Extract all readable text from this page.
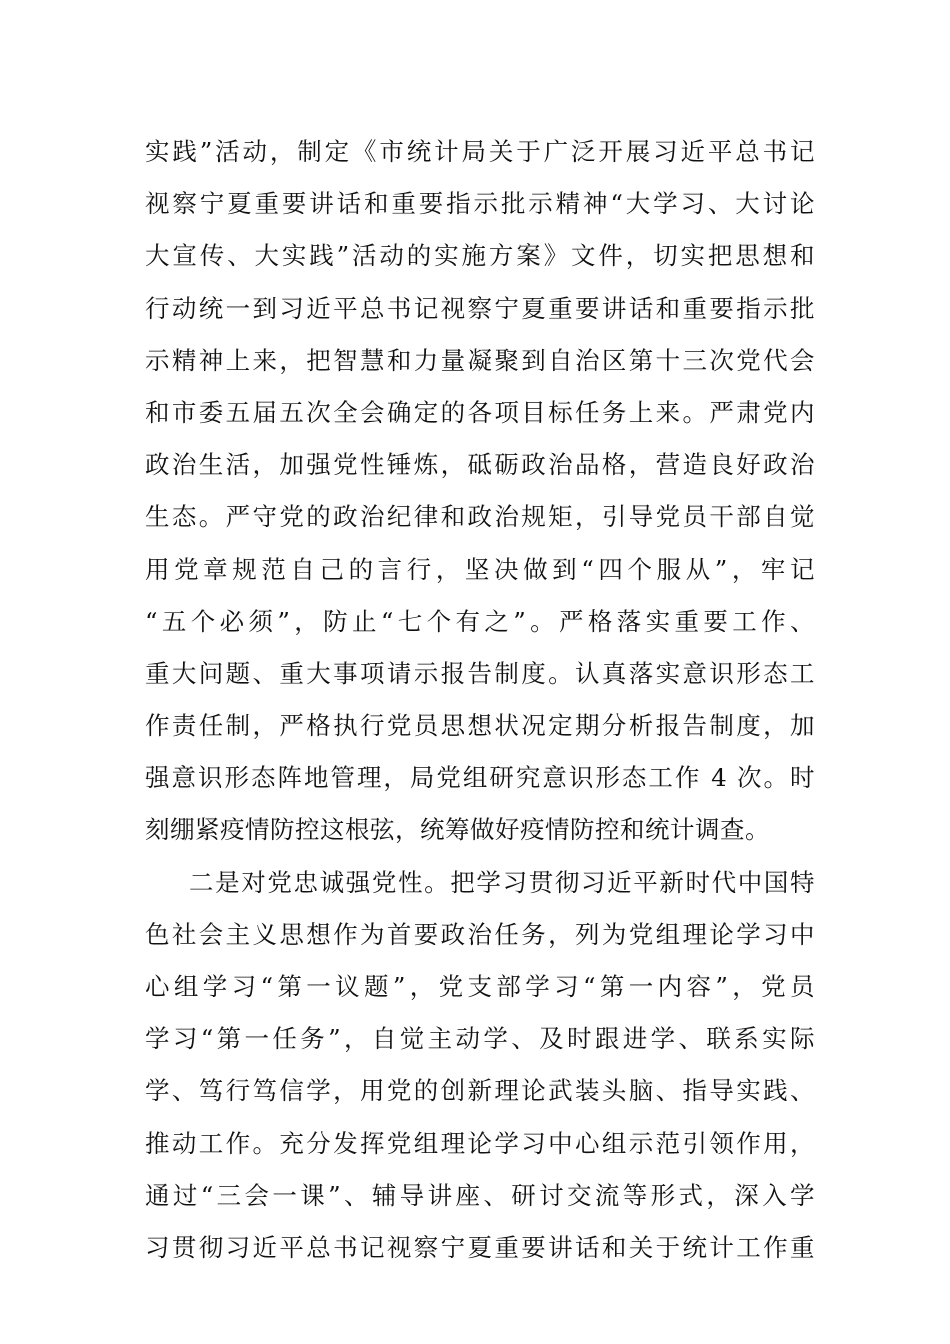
实践”活动，制定《市统计局关于广泛开展习近平总书记
视察宁夏重要讲话和重要指示批示精神“大学习、大讨论
大宣传、大实践”活动的实施方案》文件，切实把思想和
行动统一到习近平总书记视察宁夏重要讲话和重要指示批
示精神上来，把智慧和力量凝聚到自治区第十三次党代会
和市委五届五次全会确定的各项目标任务上来。严肃党内
政治生活，加强党性锤炼，砥砺政治品格，营造良好政治
生态。严守党的政治纪律和政治规矩，引导党员干部自觉
用党章规范自己的言行，坚决做到“四个服从”，牢记
“五个必须”，防止“七个有之”。严格落实重要工作、
重大问题、重大事项请示报告制度。认真落实意识形态工
作责任制，严格执行党员思想状况定期分析报告制度，加
强意识形态阵地管理，局党组研究意识形态工作 4 次。时
刻绷紧疫情防控这根弦，统筹做好疫情防控和统计调查。
二是对党忠诚强党性。把学习贯彻习近平新时代中国特
色社会主义思想作为首要政治任务，列为党组理论学习中
心组学习“第一议题”，党支部学习“第一内容”，党员
学习“第一任务”，自觉主动学、及时跟进学、联系实际
学、笃行笃信学，用党的创新理论武装头脑、指导实践、
推动工作。充分发挥党组理论学习中心组示范引领作用，
通过“三会一课”、辅导讲座、研讨交流等形式，深入学
习贯彻习近平总书记视察宁夏重要讲话和关于统计工作重
